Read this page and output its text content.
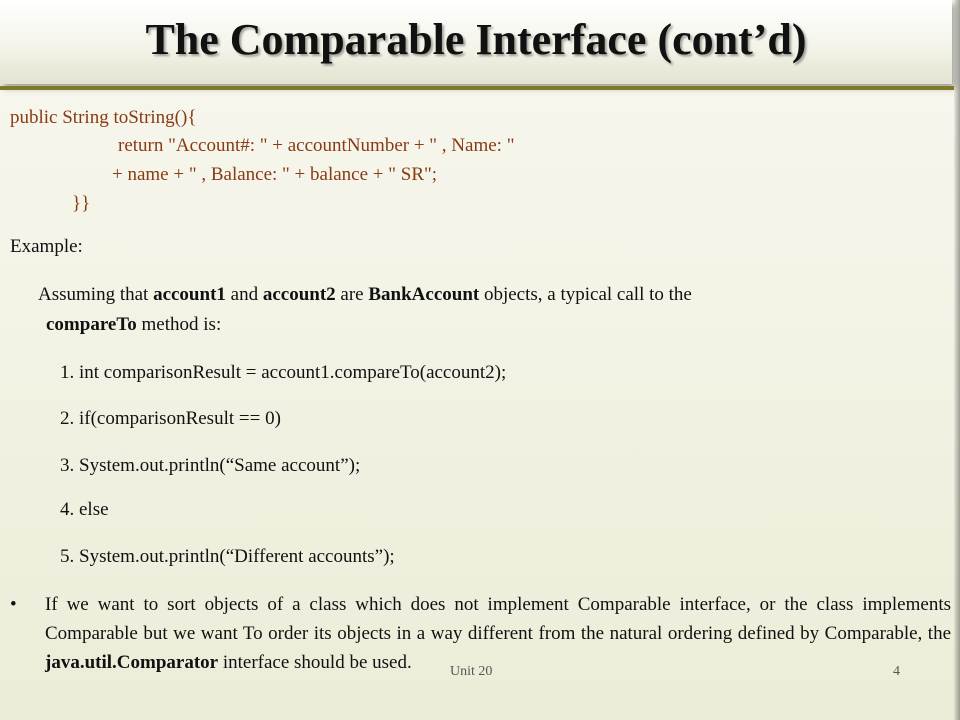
The Comparable Interface (cont’d)
public String toString(){
return "Account#: " + accountNumber + " , Name: "
+ name + " , Balance: " + balance + " SR";
}}
Example:
Assuming that account1 and account2 are BankAccount objects, a typical call to the
compareTo method is:
1. int comparisonResult = account1.compareTo(account2);
2. if(comparisonResult == 0)
3. System.out.println(“Same account”);
4. else
5. System.out.println(“Different accounts”);
• If we want to sort objects of a class which does not implement Comparable interface, or the class implements Comparable but we want To order its objects in a way different from the natural ordering defined by Comparable, the java.util.Comparator interface should be used.	Unit 20	4
